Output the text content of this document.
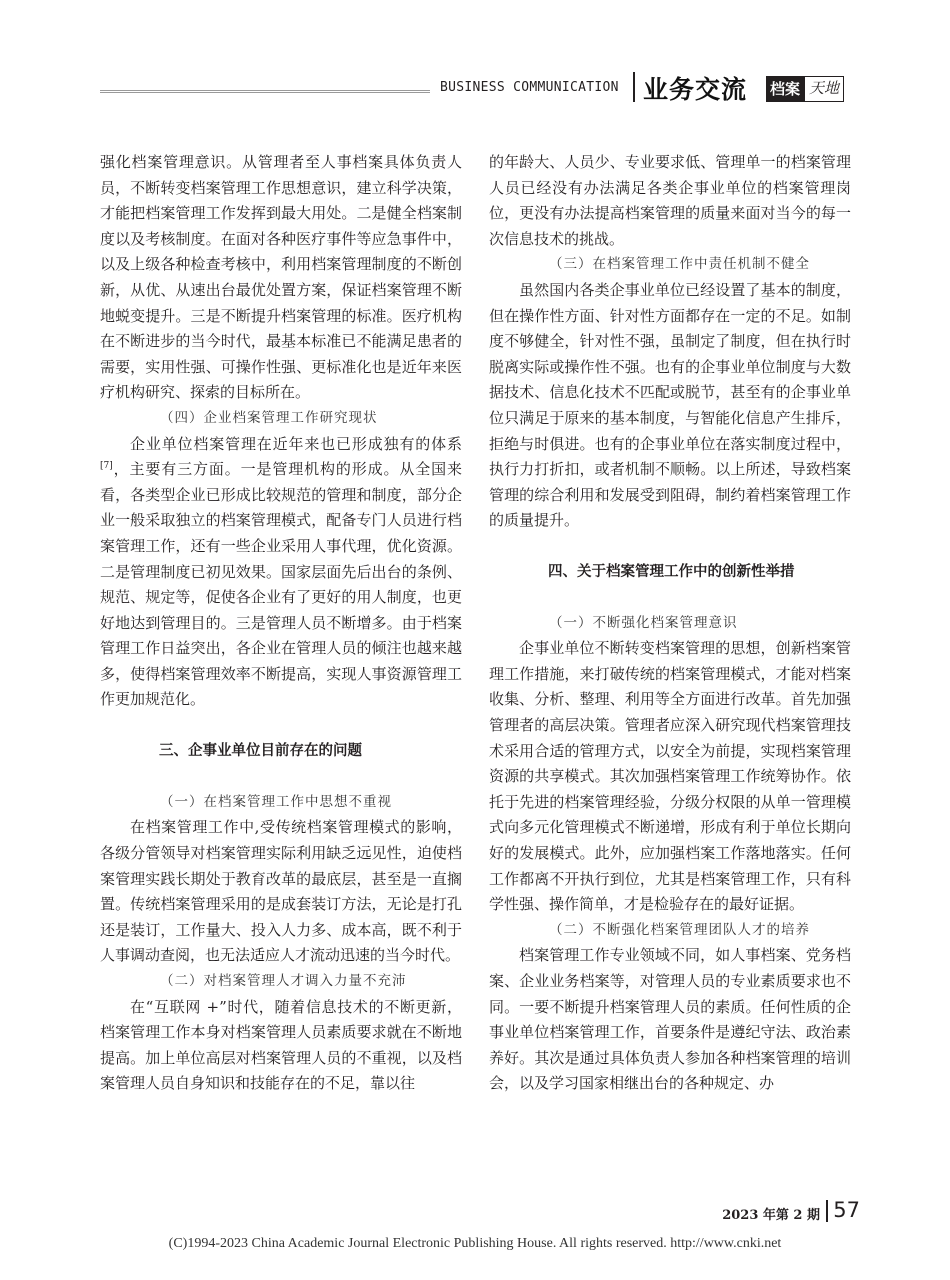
BUSINESS COMMUNICATION 业务交流 档案 天地

强化档案管理意识。从管理者至人事档案具体负责人员，不断转变档案管理工作思想意识，建立科学决策，才能把档案管理工作发挥到最大用处。二是健全档案制度以及考核制度。在面对各种医疗事件等应急事件中，以及上级各种检查考核中，利用档案管理制度的不断创新，从优、从速出台最优处置方案，保证档案管理不断地蜕变提升。三是不断提升档案管理的标准。医疗机构在不断进步的当今时代，最基本标准已不能满足患者的需要，实用性强、可操作性强、更标准化也是近年来医疗机构研究、探索的目标所在。

（四）企业档案管理工作研究现状

企业单位档案管理在近年来也已形成独有的体系[7]，主要有三方面。一是管理机构的形成。从全国来看，各类型企业已形成比较规范的管理和制度，部分企业一般采取独立的档案管理模式，配备专门人员进行档案管理工作，还有一些企业采用人事代理，优化资源。二是管理制度已初见效果。国家层面先后出台的条例、规范、规定等，促使各企业有了更好的用人制度，也更好地达到管理目的。三是管理人员不断增多。由于档案管理工作日益突出，各企业在管理人员的倾注也越来越多，使得档案管理效率不断提高，实现人事资源管理工作更加规范化。

三、企事业单位目前存在的问题

（一）在档案管理工作中思想不重视

在档案管理工作中,受传统档案管理模式的影响，各级分管领导对档案管理实际利用缺乏远见性，迫使档案管理实践长期处于教育改革的最底层，甚至是一直搁置。传统档案管理采用的是成套装订方法，无论是打孔还是装订，工作量大、投入人力多、成本高，既不利于人事调动查阅，也无法适应人才流动迅速的当今时代。

（二）对档案管理人才调入力量不充沛

在“互联网 +”时代，随着信息技术的不断更新，档案管理工作本身对档案管理人员素质要求就在不断地提高。加上单位高层对档案管理人员的不重视，以及档案管理人员自身知识和技能存在的不足，靠以往

的年龄大、人员少、专业要求低、管理单一的档案管理人员已经没有办法满足各类企事业单位的档案管理岗位，更没有办法提高档案管理的质量来面对当今的每一次信息技术的挑战。

（三）在档案管理工作中责任机制不健全

虽然国内各类企事业单位已经设置了基本的制度，但在操作性方面、针对性方面都存在一定的不足。如制度不够健全，针对性不强，虽制定了制度，但在执行时脱离实际或操作性不强。也有的企事业单位制度与大数据技术、信息化技术不匹配或脱节，甚至有的企事业单位只满足于原来的基本制度，与智能化信息产生排斥，拒绝与时俱进。也有的企事业单位在落实制度过程中，执行力打折扣，或者机制不顺畅。以上所述，导致档案管理的综合利用和发展受到阻碍，制约着档案管理工作的质量提升。

四、关于档案管理工作中的创新性举措

（一）不断强化档案管理意识

企事业单位不断转变档案管理的思想，创新档案管理工作措施，来打破传统的档案管理模式，才能对档案收集、分析、整理、利用等全方面进行改革。首先加强管理者的高层决策。管理者应深入研究现代档案管理技术采用合适的管理方式，以安全为前提，实现档案管理资源的共享模式。其次加强档案管理工作统筹协作。依托于先进的档案管理经验，分级分权限的从单一管理模式向多元化管理模式不断递增，形成有利于单位长期向好的发展模式。此外，应加强档案工作落地落实。任何工作都离不开执行到位，尤其是档案管理工作，只有科学性强、操作简单，才是检验存在的最好证据。

（二）不断强化档案管理团队人才的培养

档案管理工作专业领域不同，如人事档案、党务档案、企业业务档案等，对管理人员的专业素质要求也不同。一要不断提升档案管理人员的素质。任何性质的企事业单位档案管理工作，首要条件是遵纪守法、政治素养好。其次是通过具体负责人参加各种档案管理的培训会，以及学习国家相继出台的各种规定、办

2023 年第 2 期 57
(C)1994-2023 China Academic Journal Electronic Publishing House. All rights reserved. http://www.cnki.net
